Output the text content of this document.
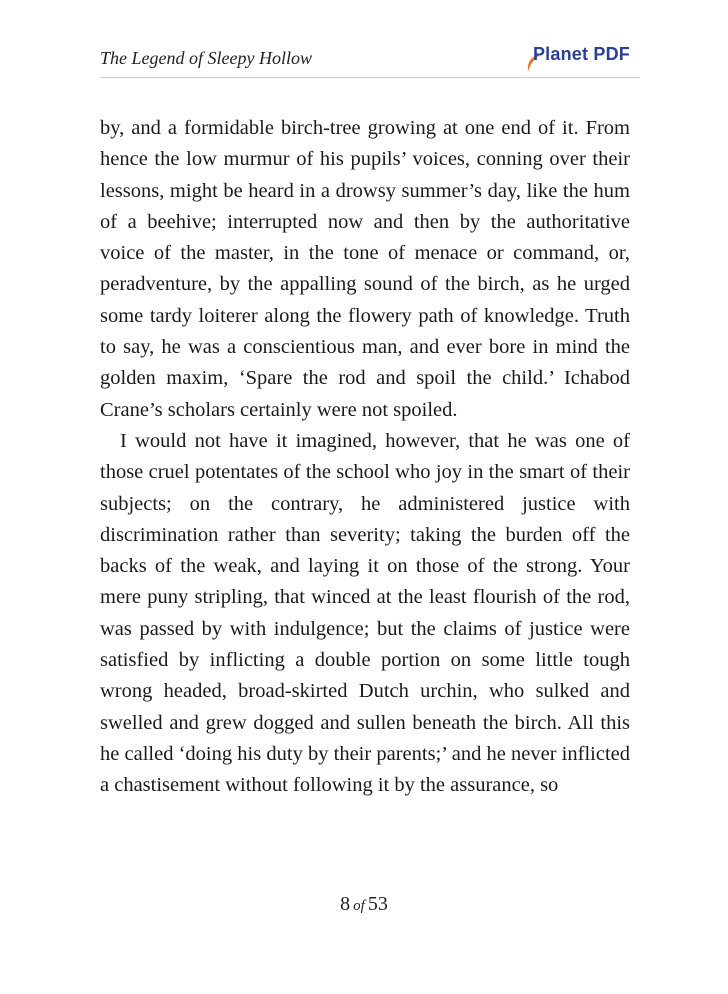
The Legend of Sleepy Hollow	Planet PDF

by, and a formidable birch-tree growing at one end of it. From hence the low murmur of his pupils’ voices, conning over their lessons, might be heard in a drowsy summer’s day, like the hum of a beehive; interrupted now and then by the authoritative voice of the master, in the tone of menace or command, or, peradventure, by the appalling sound of the birch, as he urged some tardy loiterer along the flowery path of knowledge. Truth to say, he was a conscientious man, and ever bore in mind the golden maxim, ‘Spare the rod and spoil the child.’ Ichabod Crane’s scholars certainly were not spoiled.

I would not have it imagined, however, that he was one of those cruel potentates of the school who joy in the smart of their subjects; on the contrary, he administered justice with discrimination rather than severity; taking the burden off the backs of the weak, and laying it on those of the strong. Your mere puny stripling, that winced at the least flourish of the rod, was passed by with indulgence; but the claims of justice were satisfied by inflicting a double portion on some little tough wrong headed, broad-skirted Dutch urchin, who sulked and swelled and grew dogged and sullen beneath the birch. All this he called ‘doing his duty by their parents;’ and he never inflicted a chastisement without following it by the assurance, so

8 of 53
